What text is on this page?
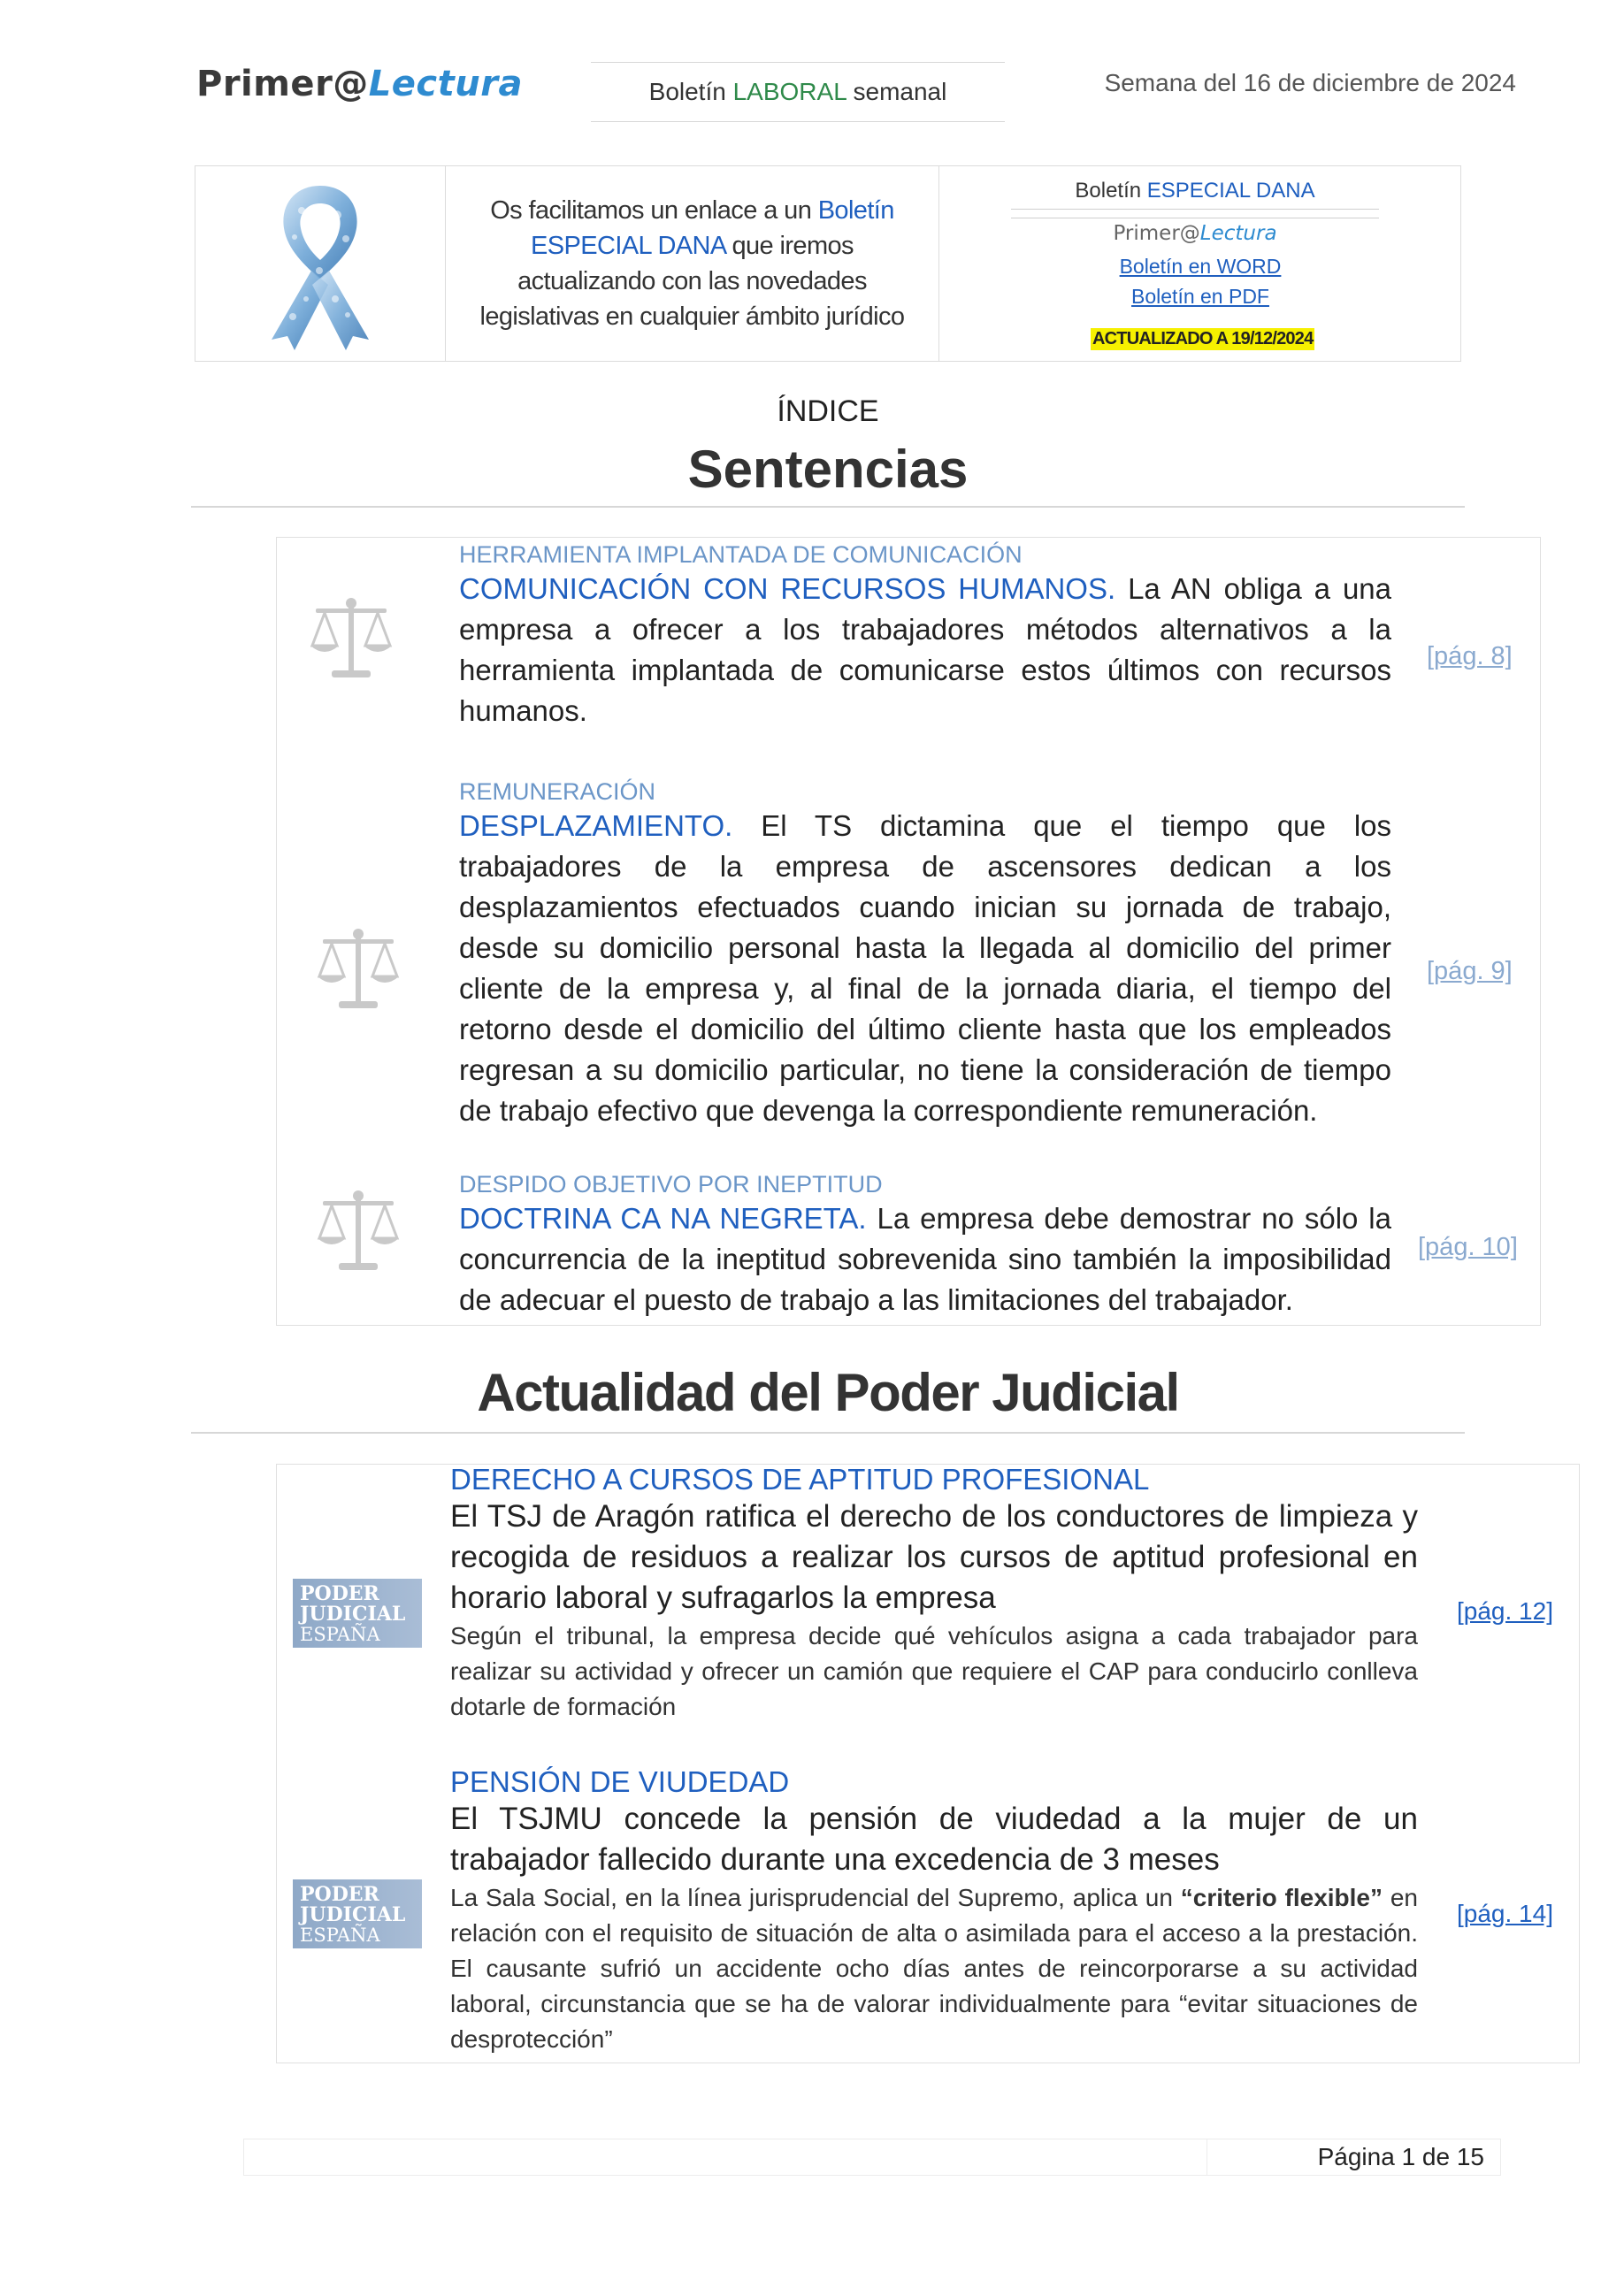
Primer@Lectura	Boletín LABORAL semanal	Semana del 16 de diciembre de 2024
Os facilitamos un enlace a un Boletín ESPECIAL DANA que iremos actualizando con las novedades legislativas en cualquier ámbito jurídico
Boletín ESPECIAL DANA
Primer@Lectura
Boletín en WORD
Boletín en PDF
ACTUALIZADO A 19/12/2024
ÍNDICE
Sentencias
HERRAMIENTA IMPLANTADA DE COMUNICACIÓN
COMUNICACIÓN CON RECURSOS HUMANOS. La AN obliga a una empresa a ofrecer a los trabajadores métodos alternativos a la herramienta implantada de comunicarse estos últimos con recursos humanos.
[pág. 8]
REMUNERACIÓN
DESPLAZAMIENTO. El TS dictamina que el tiempo que los trabajadores de la empresa de ascensores dedican a los desplazamientos efectuados cuando inician su jornada de trabajo, desde su domicilio personal hasta la llegada al domicilio del primer cliente de la empresa y, al final de la jornada diaria, el tiempo del retorno desde el domicilio del último cliente hasta que los empleados regresan a su domicilio particular, no tiene la consideración de tiempo de trabajo efectivo que devenga la correspondiente remuneración.
[pág. 9]
DESPIDO OBJETIVO POR INEPTITUD
DOCTRINA CA NA NEGRETA. La empresa debe demostrar no sólo la concurrencia de la ineptitud sobrevenida sino también la imposibilidad de adecuar el puesto de trabajo a las limitaciones del trabajador.
[pág. 10]
Actualidad del Poder Judicial
PODER
JUDICIAL
ESPAÑA
PODER
JUDICIAL
ESPAÑA
DERECHO A CURSOS DE APTITUD PROFESIONAL
El TSJ de Aragón ratifica el derecho de los conductores de limpieza y recogida de residuos a realizar los cursos de aptitud profesional en horario laboral y sufragarlos la empresa
Según el tribunal, la empresa decide qué vehículos asigna a cada trabajador para realizar su actividad y ofrecer un camión que requiere el CAP para conducirlo conlleva dotarle de formación
[pág. 12]
PENSIÓN DE VIUDEDAD
El TSJMU concede la pensión de viudedad a la mujer de un trabajador fallecido durante una excedencia de 3 meses
La Sala Social, en la línea jurisprudencial del Supremo, aplica un “criterio flexible” en relación con el requisito de situación de alta o asimilada para el acceso a la prestación. El causante sufrió un accidente ocho días antes de reincorporarse a su actividad laboral, circunstancia que se ha de valorar individualmente para “evitar situaciones de desprotección”
[pág. 14]
Página 1 de 15
